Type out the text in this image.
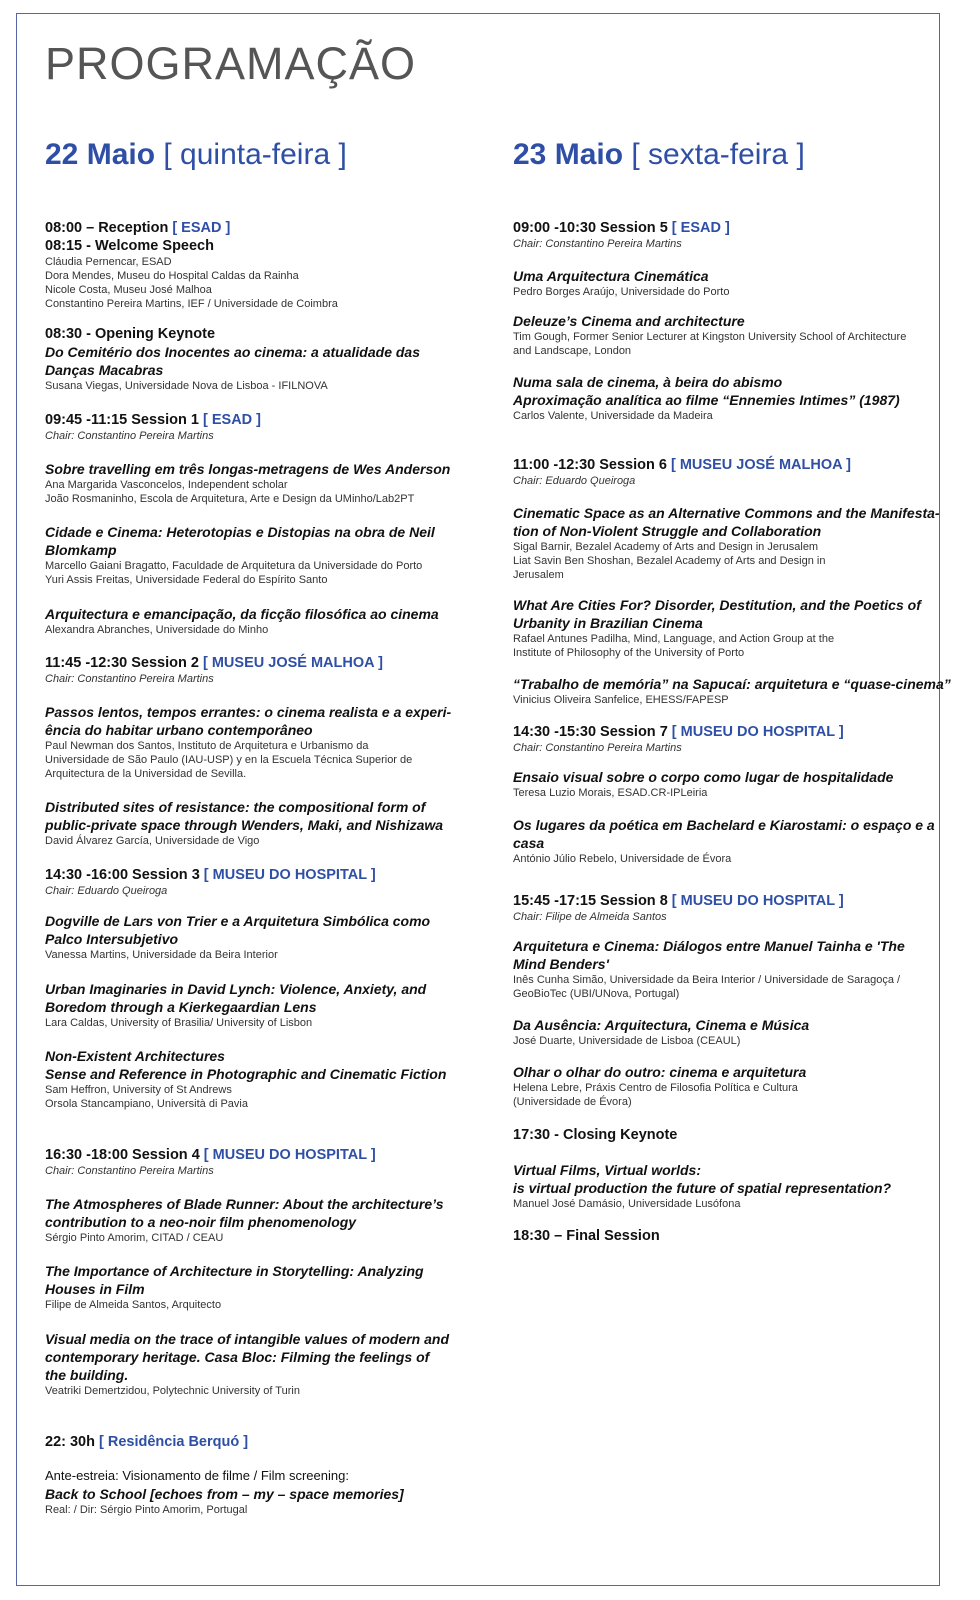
PROGRAMAÇÃO
22 Maio [ quinta-feira ]	23 Maio [ sexta-feira ]
08:00 – Reception [ ESAD ]
08:15 - Welcome Speech
Cláudia Pernencar, ESAD
Dora Mendes, Museu do Hospital Caldas da Rainha
Nicole Costa, Museu José Malhoa
Constantino Pereira Martins, IEF / Universidade de Coimbra
08:30 - Opening Keynote
Do Cemitério dos Inocentes ao cinema: a atualidade das
Danças Macabras
Susana Viegas, Universidade Nova de Lisboa - IFILNOVA
09:45 -11:15 Session 1 [ ESAD ]
Chair: Constantino Pereira Martins
Sobre travelling em três longas-metragens de Wes Anderson
Ana Margarida Vasconcelos, Independent scholar
João Rosmaninho, Escola de Arquitetura, Arte e Design da UMinho/Lab2PT
Cidade e Cinema: Heterotopias e Distopias na obra de Neil
Blomkamp
Marcello Gaiani Bragatto, Faculdade de Arquitetura da Universidade do Porto
Yuri Assis Freitas, Universidade Federal do Espírito Santo
Arquitectura e emancipação, da ficção filosófica ao cinema
Alexandra Abranches, Universidade do Minho
11:45 -12:30 Session 2 [ MUSEU JOSÉ MALHOA ]
Chair: Constantino Pereira Martins
Passos lentos, tempos errantes: o cinema realista e a experi-
ência do habitar urbano contemporâneo
Paul Newman dos Santos, Instituto de Arquitetura e Urbanismo da
Universidade de São Paulo (IAU-USP) y en la Escuela Técnica Superior de
Arquitectura de la Universidad de Sevilla.
Distributed sites of resistance: the compositional form of
public-private space through Wenders, Maki, and Nishizawa
David Álvarez García, Universidade de Vigo
14:30 -16:00 Session 3 [ MUSEU DO HOSPITAL ]
Chair: Eduardo Queiroga
Dogville de Lars von Trier e a Arquitetura Simbólica como
Palco Intersubjetivo
Vanessa Martins, Universidade da Beira Interior
Urban Imaginaries in David Lynch: Violence, Anxiety, and
Boredom through a Kierkegaardian Lens
Lara Caldas, University of Brasilia/ University of Lisbon
Non-Existent Architectures
Sense and Reference in Photographic and Cinematic Fiction
Sam Heffron, University of St Andrews
Orsola Stancampiano, Università di Pavia
16:30 -18:00 Session 4 [ MUSEU DO HOSPITAL ]
Chair: Constantino Pereira Martins
The Atmospheres of Blade Runner: About the architecture’s
contribution to a neo-noir film phenomenology
Sérgio Pinto Amorim, CITAD / CEAU
The Importance of Architecture in Storytelling: Analyzing
Houses in Film
Filipe de Almeida Santos, Arquitecto
Visual media on the trace of intangible values of modern and
contemporary heritage. Casa Bloc: Filming the feelings of
the building.
Veatriki Demertzidou, Polytechnic University of Turin
22: 30h [ Residência Berquó ]
Ante-estreia: Visionamento de filme / Film screening:
Back to School [echoes from – my – space memories]
Real: / Dir: Sérgio Pinto Amorim, Portugal
09:00 -10:30 Session 5 [ ESAD ]
Chair: Constantino Pereira Martins
Uma Arquitectura Cinemática
Pedro Borges Araújo, Universidade do Porto
Deleuze’s Cinema and architecture
Tim Gough, Former Senior Lecturer at Kingston University School of Architecture
and Landscape, London
Numa sala de cinema, à beira do abismo
Aproximação analítica ao filme “Ennemies Intimes” (1987)
Carlos Valente, Universidade da Madeira
11:00 -12:30 Session 6 [ MUSEU JOSÉ MALHOA ]
Chair: Eduardo Queiroga
Cinematic Space as an Alternative Commons and the Manifesta-
tion of Non-Violent Struggle and Collaboration
Sigal Barnir, Bezalel Academy of Arts and Design in Jerusalem
Liat Savin Ben Shoshan, Bezalel Academy of Arts and Design in
Jerusalem
What Are Cities For? Disorder, Destitution, and the Poetics of
Urbanity in Brazilian Cinema
Rafael Antunes Padilha, Mind, Language, and Action Group at the
Institute of Philosophy of the University of Porto
“Trabalho de memória” na Sapucaí: arquitetura e “quase-cinema”
Vinicius Oliveira Sanfelice, EHESS/FAPESP
14:30 -15:30 Session 7 [ MUSEU DO HOSPITAL ]
Chair: Constantino Pereira Martins
Ensaio visual sobre o corpo como lugar de hospitalidade
Teresa Luzio Morais, ESAD.CR-IPLeiria
Os lugares da poética em Bachelard e Kiarostami: o espaço e a
casa
António Júlio Rebelo, Universidade de Évora
15:45 -17:15 Session 8 [ MUSEU DO HOSPITAL ]
Chair: Filipe de Almeida Santos
Arquitetura e Cinema: Diálogos entre Manuel Tainha e 'The
Mind Benders'
Inês Cunha Simão, Universidade da Beira Interior / Universidade de Saragoça /
GeoBioTec (UBI/UNova, Portugal)
Da Ausência: Arquitectura, Cinema e Música
José Duarte, Universidade de Lisboa (CEAUL)
Olhar o olhar do outro: cinema e arquitetura
Helena Lebre, Práxis Centro de Filosofia Política e Cultura
(Universidade de Évora)
17:30 - Closing Keynote
Virtual Films, Virtual worlds:
is virtual production the future of spatial representation?
Manuel José Damásio, Universidade Lusófona
18:30 – Final Session
